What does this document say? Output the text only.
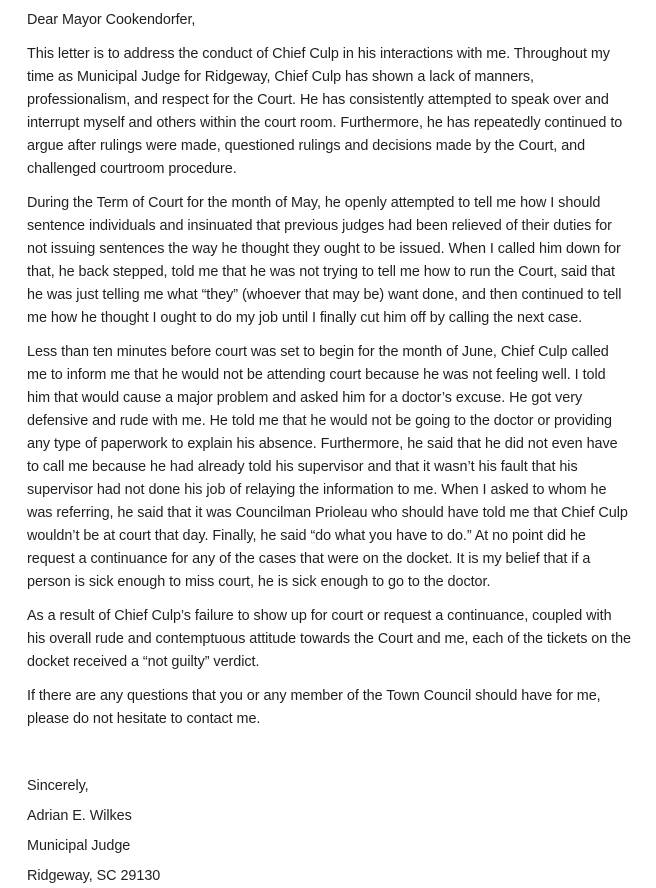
Dear Mayor Cookendorfer,

This letter is to address the conduct of Chief Culp in his interactions with me. Throughout my time as Municipal Judge for Ridgeway, Chief Culp has shown a lack of manners, professionalism, and respect for the Court. He has consistently attempted to speak over and interrupt myself and others within the court room. Furthermore, he has repeatedly continued to argue after rulings were made, questioned rulings and decisions made by the Court, and challenged courtroom procedure.

During the Term of Court for the month of May, he openly attempted to tell me how I should sentence individuals and insinuated that previous judges had been relieved of their duties for not issuing sentences the way he thought they ought to be issued. When I called him down for that, he back stepped, told me that he was not trying to tell me how to run the Court, said that he was just telling me what “they” (whoever that may be) want done, and then continued to tell me how he thought I ought to do my job until I finally cut him off by calling the next case.

Less than ten minutes before court was set to begin for the month of June, Chief Culp called me to inform me that he would not be attending court because he was not feeling well. I told him that would cause a major problem and asked him for a doctor’s excuse. He got very defensive and rude with me. He told me that he would not be going to the doctor or providing any type of paperwork to explain his absence. Furthermore, he said that he did not even have to call me because he had already told his supervisor and that it wasn’t his fault that his supervisor had not done his job of relaying the information to me. When I asked to whom he was referring, he said that it was Councilman Prioleau who should have told me that Chief Culp wouldn’t be at court that day. Finally, he said “do what you have to do.” At no point did he request a continuance for any of the cases that were on the docket. It is my belief that if a person is sick enough to miss court, he is sick enough to go to the doctor.

As a result of Chief Culp’s failure to show up for court or request a continuance, coupled with his overall rude and contemptuous attitude towards the Court and me, each of the tickets on the docket received a “not guilty” verdict.

If there are any questions that you or any member of the Town Council should have for me, please do not hesitate to contact me.

Sincerely,

Adrian E. Wilkes

Municipal Judge

Ridgeway, SC 29130
